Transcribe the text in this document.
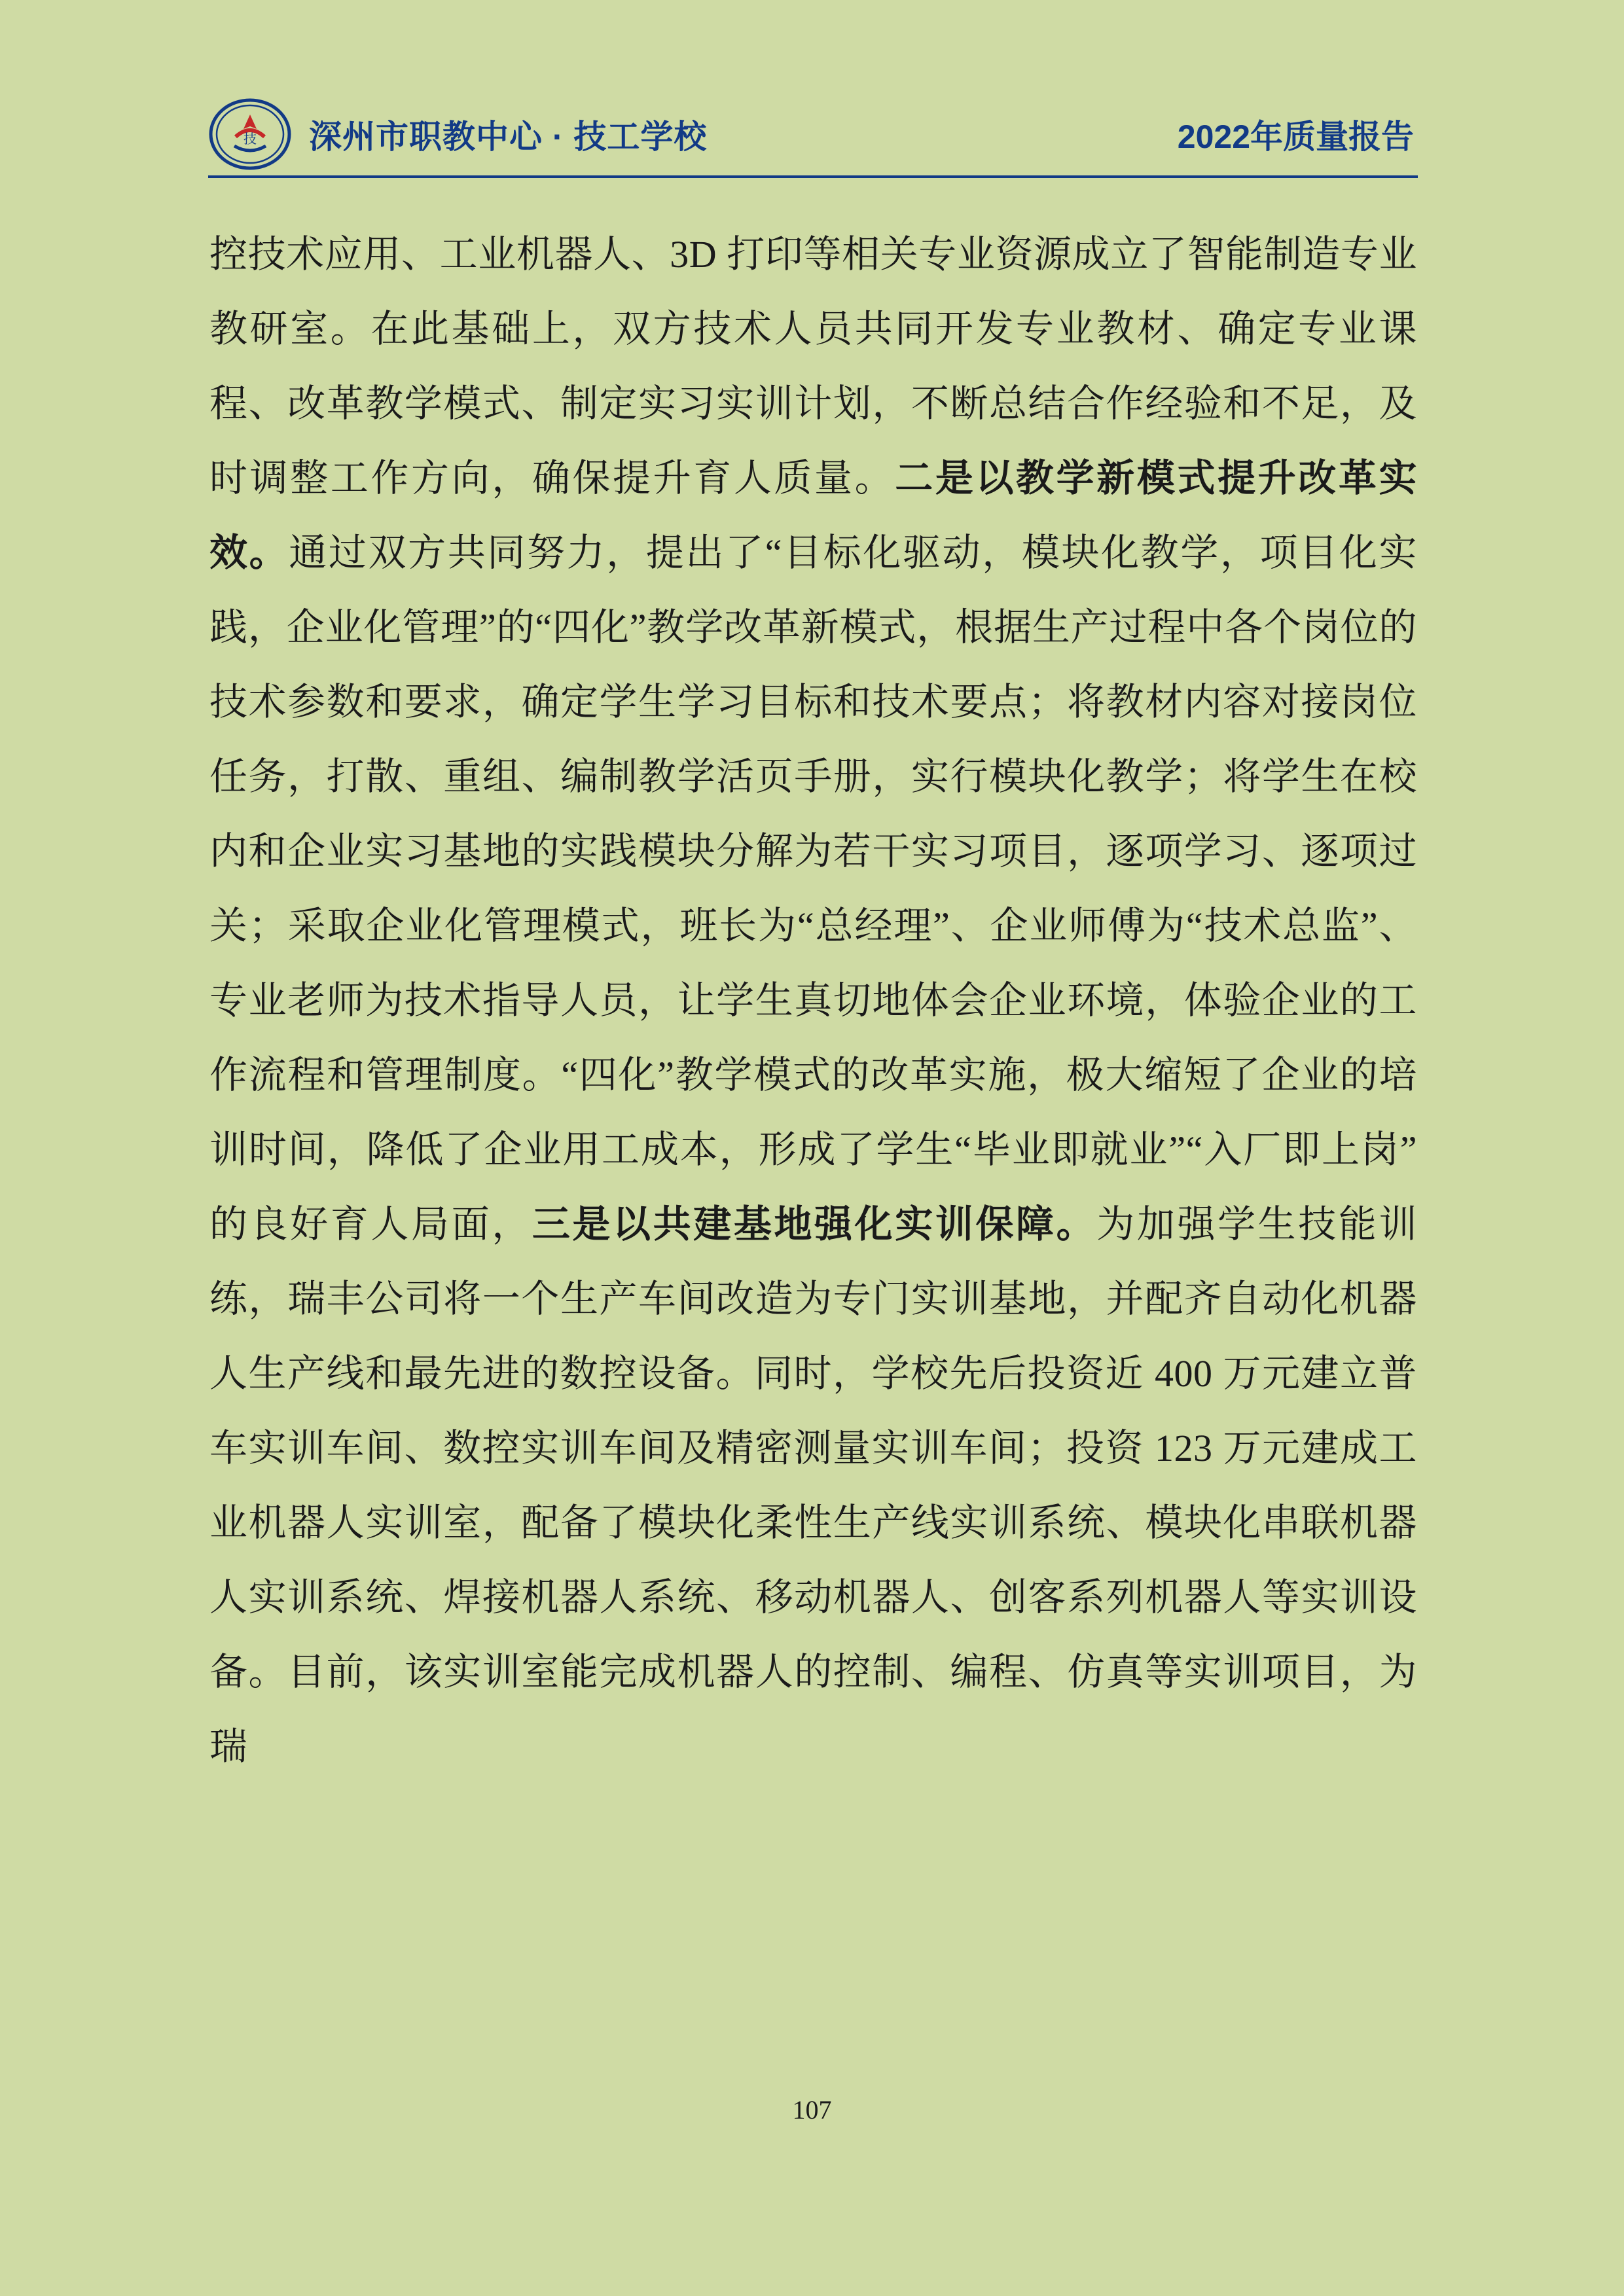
技 深州市职教中心 · 技工学校	2022年质量报告

控技术应用、工业机器人、3D 打印等相关专业资源成立了智能制造专业教研室。在此基础上，双方技术人员共同开发专业教材、确定专业课程、改革教学模式、制定实习实训计划，不断总结合作经验和不足，及时调整工作方向，确保提升育人质量。二是以教学新模式提升改革实效。通过双方共同努力，提出了“目标化驱动，模块化教学，项目化实践，企业化管理”的“四化”教学改革新模式，根据生产过程中各个岗位的技术参数和要求，确定学生学习目标和技术要点；将教材内容对接岗位任务，打散、重组、编制教学活页手册，实行模块化教学；将学生在校内和企业实习基地的实践模块分解为若干实习项目，逐项学习、逐项过关；采取企业化管理模式，班长为“总经理”、企业师傅为“技术总监”、专业老师为技术指导人员，让学生真切地体会企业环境，体验企业的工作流程和管理制度。“四化”教学模式的改革实施，极大缩短了企业的培训时间，降低了企业用工成本，形成了学生“毕业即就业”“入厂即上岗”的良好育人局面，三是以共建基地强化实训保障。为加强学生技能训练，瑞丰公司将一个生产车间改造为专门实训基地，并配齐自动化机器人生产线和最先进的数控设备。同时，学校先后投资近 400 万元建立普车实训车间、数控实训车间及精密测量实训车间；投资 123 万元建成工业机器人实训室，配备了模块化柔性生产线实训系统、模块化串联机器人实训系统、焊接机器人系统、移动机器人、创客系列机器人等实训设备。目前，该实训室能完成机器人的控制、编程、仿真等实训项目，为瑞

107
